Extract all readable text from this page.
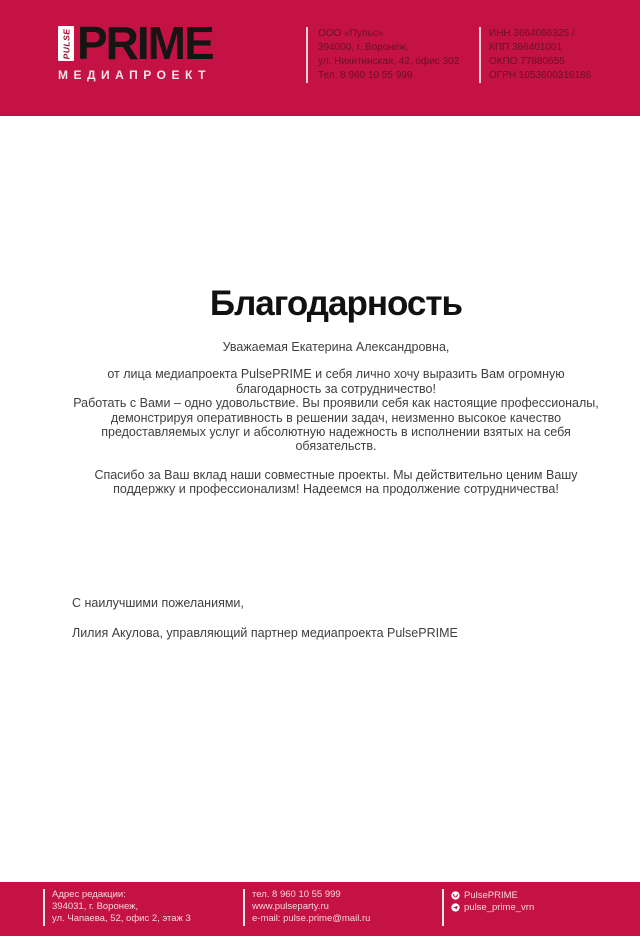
PULSE PRIME
МЕДИАПРОЕКТ
ООО «Пульс»
394000, г. Воронеж,
ул. Никитинская, 42, офис 302
Тел. 8 960 10 55 999
ИНН 3664066325 /
КПП 366401001
ОКПО 77880655
ОГРН 1053600316186
Благодарность
Уважаемая Екатерина Александровна,
от лица медиапроекта PulsePRIME и себя лично хочу выразить Вам огромную благодарность за сотрудничество!
Работать с Вами – одно удовольствие. Вы проявили себя как настоящие профессионалы, демонстрируя оперативность в решении задач, неизменно высокое качество предоставляемых услуг и абсолютную надежность в исполнении взятых на себя обязательств.
Спасибо за Ваш вклад наши совместные проекты. Мы действительно ценим Вашу поддержку и профессионализм! Надеемся на продолжение сотрудничества!
С наилучшими пожеланиями,
Лилия Акулова, управляющий партнер медиапроекта PulsePRIME
Адрес редакции:
394031, г. Воронеж,
ул. Чапаева, 52, офис 2, этаж 3
тел. 8 960 10 55 999
www.pulseparty.ru
e-mail: pulse.prime@mail.ru
PulsePRIME
pulse_prime_vrn
